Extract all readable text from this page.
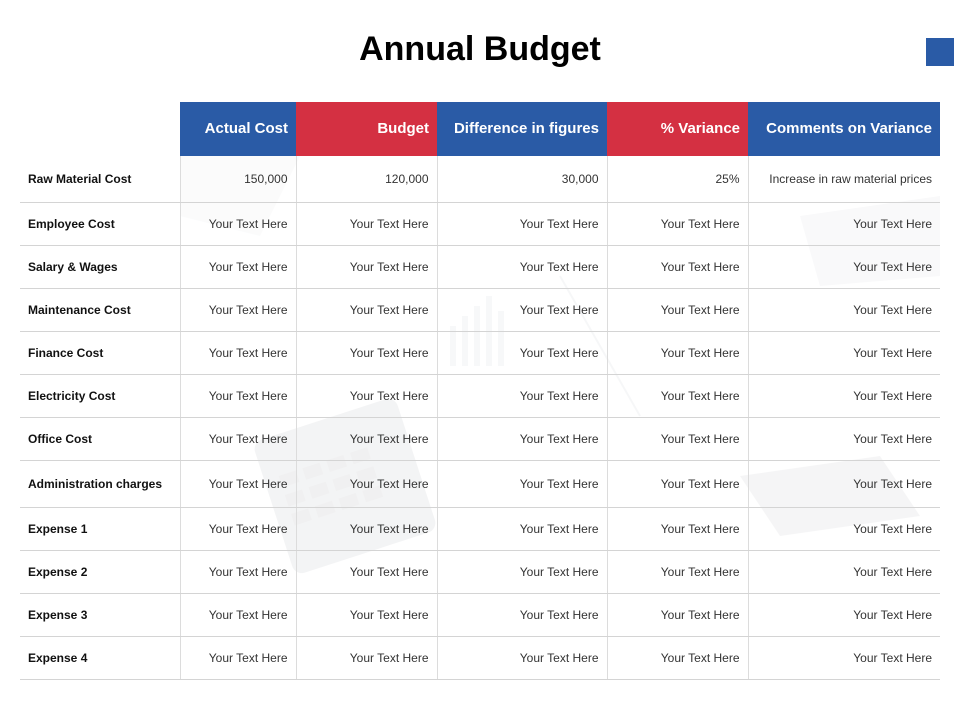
Annual Budget
	Actual Cost	Budget	Difference in figures	% Variance	Comments on Variance
Raw Material Cost	150,000	120,000	30,000	25%	Increase in raw material prices
Employee Cost	Your Text Here	Your Text Here	Your Text Here	Your Text Here	Your Text Here
Salary & Wages	Your Text Here	Your Text Here	Your Text Here	Your Text Here	Your Text Here
Maintenance Cost	Your Text Here	Your Text Here	Your Text Here	Your Text Here	Your Text Here
Finance Cost	Your Text Here	Your Text Here	Your Text Here	Your Text Here	Your Text Here
Electricity Cost	Your Text Here	Your Text Here	Your Text Here	Your Text Here	Your Text Here
Office Cost	Your Text Here	Your Text Here	Your Text Here	Your Text Here	Your Text Here
Administration charges	Your Text Here	Your Text Here	Your Text Here	Your Text Here	Your Text Here
Expense 1	Your Text Here	Your Text Here	Your Text Here	Your Text Here	Your Text Here
Expense 2	Your Text Here	Your Text Here	Your Text Here	Your Text Here	Your Text Here
Expense 3	Your Text Here	Your Text Here	Your Text Here	Your Text Here	Your Text Here
Expense 4	Your Text Here	Your Text Here	Your Text Here	Your Text Here	Your Text Here
